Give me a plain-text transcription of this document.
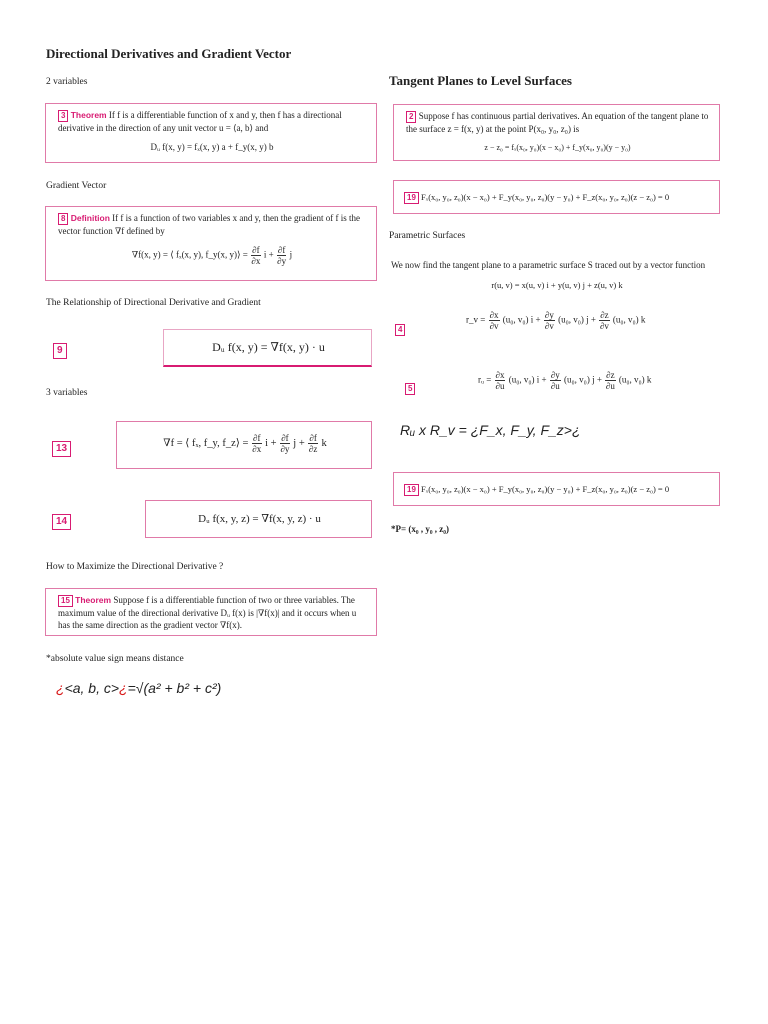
Directional Derivatives and Gradient Vector
2 variables
3 Theorem If f is a differentiable function of x and y, then f has a directional derivative in the direction of any unit vector u = ⟨a, b⟩ and
Dᵤ f(x, y) = fₓ(x, y) a + f_y(x, y) b
Gradient Vector
8 Definition If f is a function of two variables x and y, then the gradient of f is the vector function ∇f defined by
∇f(x, y) = ⟨ fₓ(x, y), f_y(x, y)⟩ = $\frac{\partial f}{\partial x}$ $i + \frac{\partial f}{\partial y}$ j
The Relationship of Directional Derivative and Gradient
9	Dᵤ f(x, y) = ∇f(x, y) · u
3 variables
13	∇f = ⟨ fₓ, f_y, f_z⟩ = $\frac{\partial f}{\partial x}$ $i + \frac{\partial f}{\partial y}$ $j + \frac{\partial f}{\partial z}$ k
14	Dᵤ f(x, y, z) = ∇f(x, y, z) · u
How to Maximize the Directional Derivative ?
15 Theorem Suppose f is a differentiable function of two or three variables. The maximum value of the directional derivative Dᵤ f(x) is |∇f(x)| and it occurs when u has the same direction as the gradient vector ∇f(x).
*absolute value sign means distance
¿<a, b, c>¿=√(a² + b² + c²)
Tangent Planes to Level Surfaces
2 Suppose f has continuous partial derivatives. An equation of the tangent plane to the surface z = f(x, y) at the point P(x₀, y₀, z₀) is
z − z₀ = fₓ(x₀, y₀)(x − x₀) + f_y(x₀, y₀)(y − y₀)
19 Fₓ(x₀, y₀, z₀)(x − x₀) + F_y(x₀, y₀, z₀)(y − y₀) + F_z(x₀, y₀, z₀)(z − z₀) = 0
Parametric Surfaces
We now find the tangent plane to a parametric surface S traced out by a vector function
r(u, v) = x(u, v) i + y(u, v) j + z(u, v) k
4
r_v = $\frac{\partial x}{\partial v} (u_0$, v₀) $i + \frac{\partial y}{\partial v} (u_0$, v₀) $j + \frac{\partial z}{\partial v} (u_0$, v₀) k
5
rᵤ = $\frac{\partial x}{\partial u} (u_0$, v₀) $i + \frac{\partial y}{\partial u} (u_0$, v₀) $j + \frac{\partial z}{\partial u} (u_0$, v₀) k
Rᵤ x R_v = ¿F_x, F_y, F_z>¿
19 Fₓ(x₀, y₀, z₀)(x − x₀) + F_y(x₀, y₀, z₀)(y − y₀) + F_z(x₀, y₀, z₀)(z − z₀) = 0
*P= (x₀ , y₀ , z₀)
